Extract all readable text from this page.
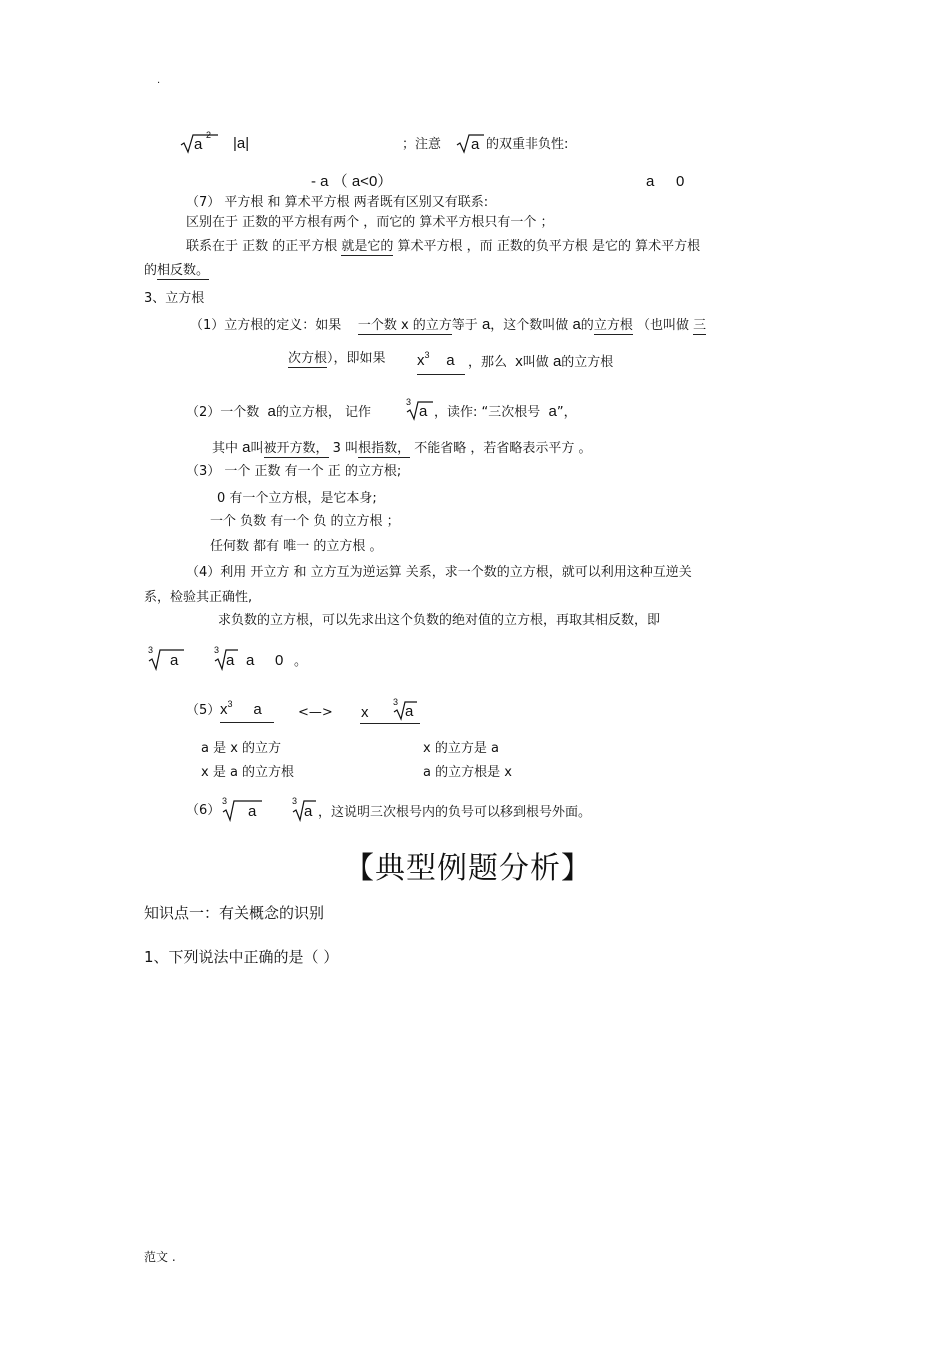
.
a
2 |a|	；注意 a 的双重非负性:
- a （ a<0）	a 0
（7） 平方根 和 算术平方根 两者既有区别又有联系:
区别在于 正数的平方根有两个 ，而它的 算术平方根只有一个 ；
联系在于 正数 的正平方根 就是它的 算术平方根 ，而 正数的负平方根 是它的 算术平方根
的相反数。
3、立方根
（1）立方根的定义：如果 一个数 x 的立方等于 a，这个数叫做 a的立方根 （也叫做 三
次方根），即如果 $x^3$ a	，那么 x叫做 a的立方根
（2）一个数 a的立方根， 记作
3
a ，读作: “三次根号 a”，
其中 a叫被开方数， 3 叫根指数， 不能省略 ，若省略表示平方 。
（3） 一个 正数 有一个 正 的立方根;
0 有一个立方根，是它本身;
一个 负数 有一个 负 的立方根 ；
任何数 都有 唯一 的立方根 。
（4）利用 开立方 和 立方互为逆运算 关系，求一个数的立方根，就可以利用这种互逆关
系，检验其正确性,
求负数的立方根，可以先求出这个负数的绝对值的立方根，再取其相反数，即
3
a
3
a a 0 。
（5） $x^3$ a	<—> x
3
a
a 是 x 的立方	x 的立方是 a
x 是 a 的立方根	a 的立方根是 x
（6）
3
a
3
a ，这说明三次根号内的负号可以移到根号外面。
【典型例题分析】
知识点一：有关概念的识别
1、下列说法中正确的是（ ）
范文 .
